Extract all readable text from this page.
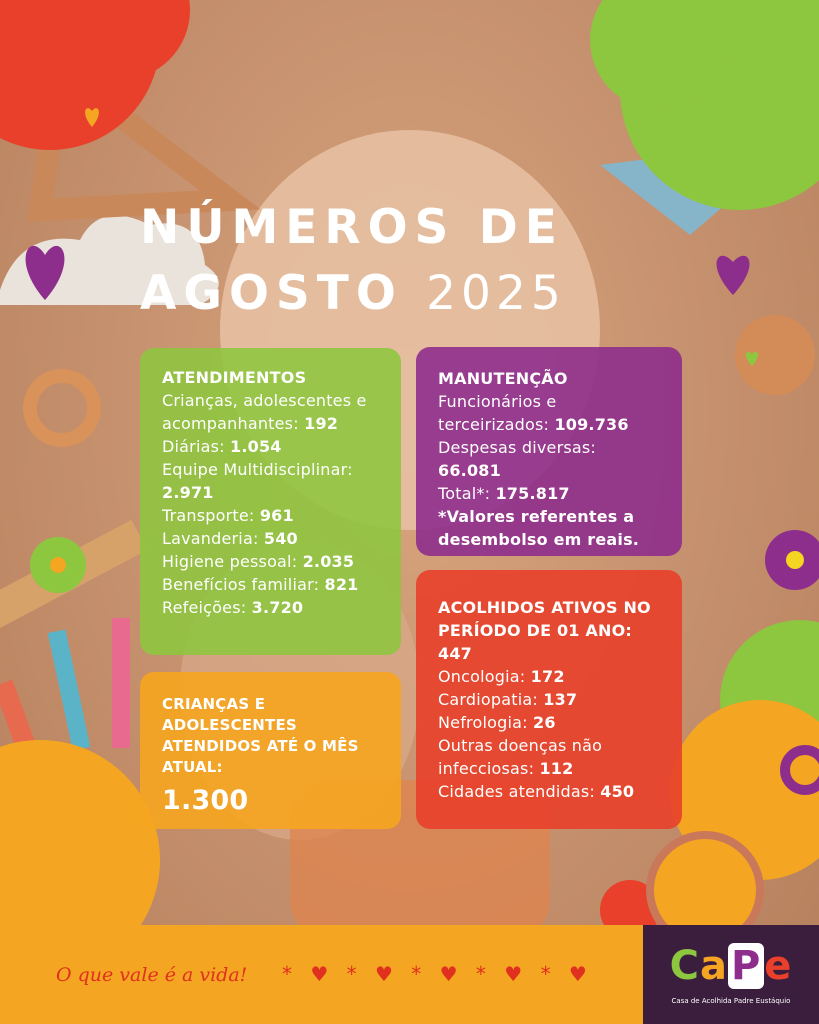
NÚMEROS DE
AGOSTO 2025
ATENDIMENTOS
Crianças, adolescentes e acompanhantes: 192
Diárias: 1.054
Equipe Multidisciplinar: 2.971
Transporte: 961
Lavanderia: 540
Higiene pessoal: 2.035
Benefícios familiar: 821
Refeições: 3.720
MANUTENÇÃO
Funcionários e terceirizados: 109.736
Despesas diversas: 66.081
Total*: 175.817
*Valores referentes a desembolso em reais.
CRIANÇAS E ADOLESCENTES ATENDIDOS ATÉ O MÊS ATUAL:
1.300
ACOLHIDOS ATIVOS NO PERÍODO DE 01 ANO: 447
Oncologia: 172
Cardiopatia: 137
Nefrologia: 26
Outras doenças não infecciosas: 112
Cidades atendidas: 450
O que vale é a vida! * ♥ * ♥ * ♥ * ♥ * ♥	CaPe
Casa de Acolhida Padre Eustáquio
